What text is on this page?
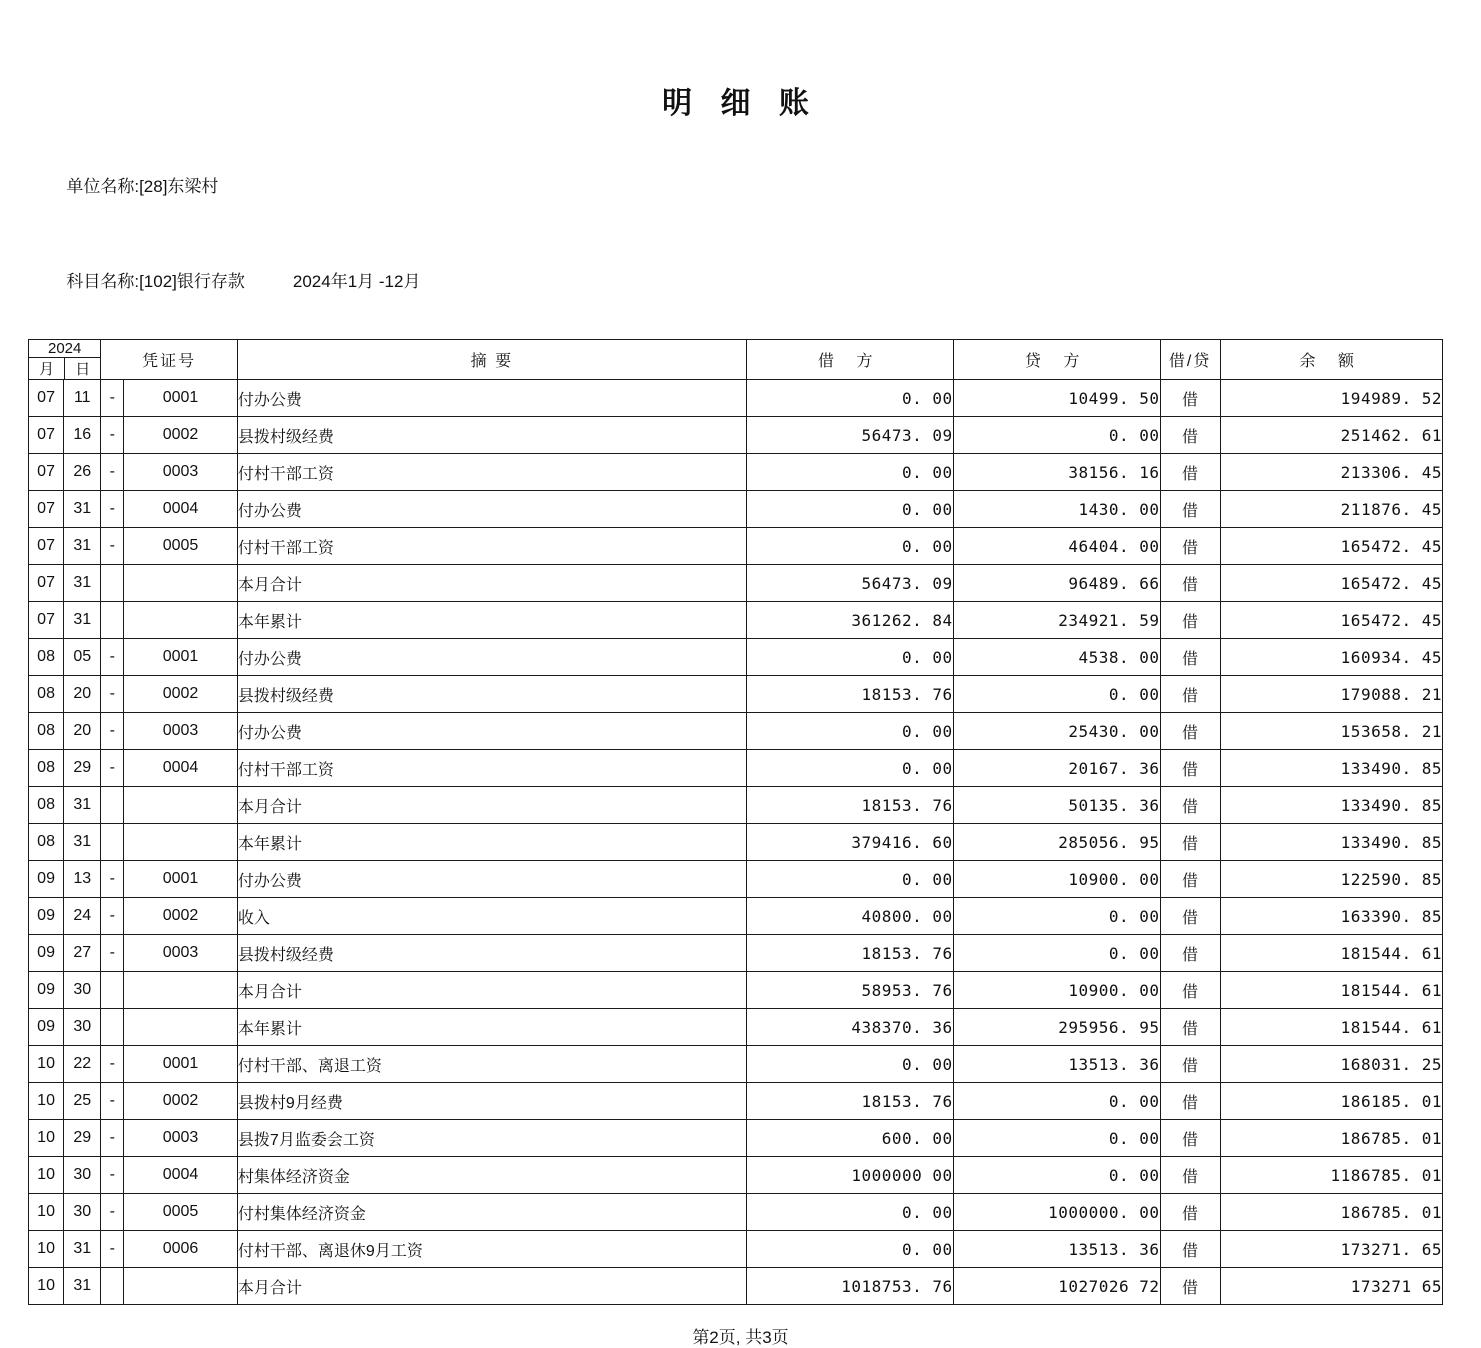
明 细 账

单位名称:[28]东梁村

科目名称:[102]银行存款	2024年1月 -12月

2024
月	日
		凭证号	摘 要	借 方	贷 方	借/贷	余 额
07	11	-	0001	付办公费	0. 00	10499. 50	借	194989. 52
07	16	-	0002	县拨村级经费	56473. 09	0. 00	借	251462. 61
07	26	-	0003	付村干部工资	0. 00	38156. 16	借	213306. 45
07	31	-	0004	付办公费	0. 00	1430. 00	借	211876. 45
07	31	-	0005	付村干部工资	0. 00	46404. 00	借	165472. 45
07	31			本月合计	56473. 09	96489. 66	借	165472. 45
07	31			本年累计	361262. 84	234921. 59	借	165472. 45
08	05	-	0001	付办公费	0. 00	4538. 00	借	160934. 45
08	20	-	0002	县拨村级经费	18153. 76	0. 00	借	179088. 21
08	20	-	0003	付办公费	0. 00	25430. 00	借	153658. 21
08	29	-	0004	付村干部工资	0. 00	20167. 36	借	133490. 85
08	31			本月合计	18153. 76	50135. 36	借	133490. 85
08	31			本年累计	379416. 60	285056. 95	借	133490. 85
09	13	-	0001	付办公费	0. 00	10900. 00	借	122590. 85
09	24	-	0002	收入	40800. 00	0. 00	借	163390. 85
09	27	-	0003	县拨村级经费	18153. 76	0. 00	借	181544. 61
09	30			本月合计	58953. 76	10900. 00	借	181544. 61
09	30			本年累计	438370. 36	295956. 95	借	181544. 61
10	22	-	0001	付村干部、离退工资	0. 00	13513. 36	借	168031. 25
10	25	-	0002	县拨村9月经费	18153. 76	0. 00	借	186185. 01
10	29	-	0003	县拨7月监委会工资	600. 00	0. 00	借	186785. 01
10	30	-	0004	村集体经济资金	1000000 00	0. 00	借	1186785. 01
10	30	-	0005	付村集体经济资金	0. 00	1000000. 00	借	186785. 01
10	31	-	0006	付村干部、离退休9月工资	0. 00	13513. 36	借	173271. 65
10	31			本月合计	1018753. 76	1027026 72	借	173271 65
第2页, 共3页
